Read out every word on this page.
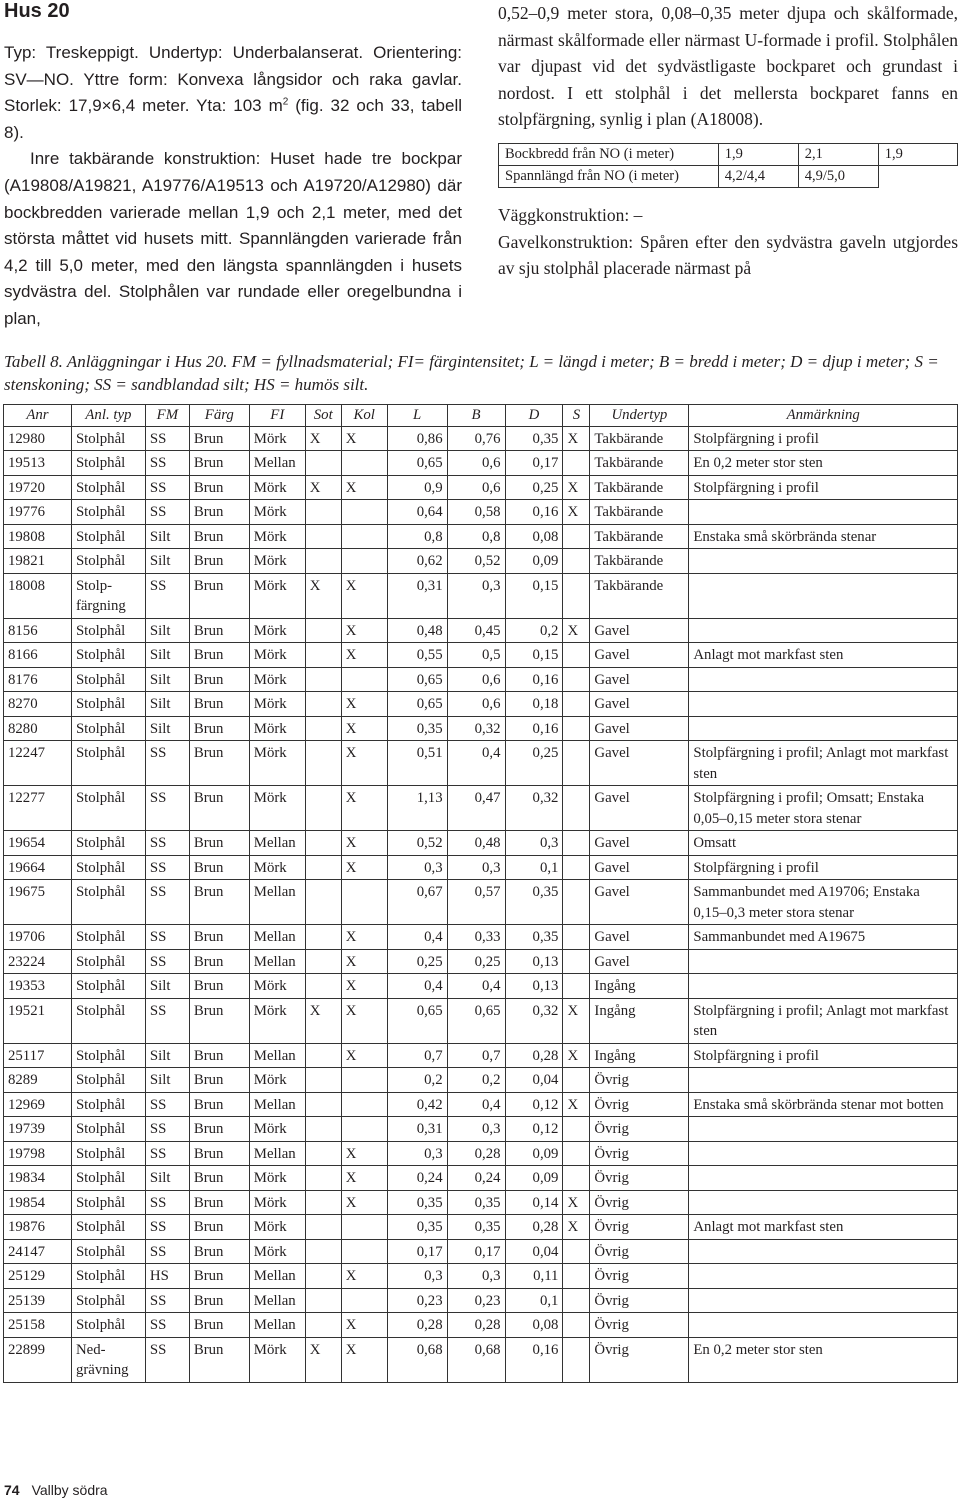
Hus 20

Typ: Treskeppigt. Undertyp: Underbalanserat. Orientering: SV—NO. Yttre form: Konvexa långsidor och raka gavlar. Storlek: 17,9×6,4 meter. Yta: 103 $m^2$ (fig. 32 och 33, tabell 8).

Inre takbärande konstruktion: Huset hade tre bockpar (A19808/A19821, A19776/A19513 och A19720/A12980) där bockbredden varierade mellan 1,9 och 2,1 meter, med det största måttet vid husets mitt. Spannlängden varierade från 4,2 till 5,0 meter, med den längsta spannlängden i husets sydvästra del. Stolphålen var rundade eller oregelbundna i plan,

0,52–0,9 meter stora, 0,08–0,35 meter djupa och skålformade, närmast skålformade eller närmast U-formade i profil. Stolphålen var djupast vid det sydvästligaste bockparet och grundast i nordost. I ett stolphål i det mellersta bockparet fanns en stolpfärgning, synlig i plan (A18008).

Bockbredd från NO (i meter)	1,9	2,1	1,9
Spannlängd från NO (i meter)	4,2/4,4	4,9/5,0	

Väggkonstruktion: –

Gavelkonstruktion: Spåren efter den sydvästra gaveln utgjordes av sju stolphål placerade närmast på

Tabell 8. Anläggningar i Hus 20. FM = fyllnadsmaterial; FI= färgintensitet; L = längd i meter; B = bredd i meter; D = djup i meter; S = stenskoning; SS = sandblandad silt; HS = humös silt.

Anr	Anl. typ	FM	Färg	FI	Sot	Kol	L	B	D	S	Undertyp	Anmärkning
12980	Stolphål	SS	Brun	Mörk	X	X	0,86	0,76	0,35	X	Takbärande	Stolpfärgning i profil
19513	Stolphål	SS	Brun	Mellan			0,65	0,6	0,17		Takbärande	En 0,2 meter stor sten
19720	Stolphål	SS	Brun	Mörk	X	X	0,9	0,6	0,25	X	Takbärande	Stolpfärgning i profil
19776	Stolphål	SS	Brun	Mörk			0,64	0,58	0,16	X	Takbärande	
19808	Stolphål	Silt	Brun	Mörk			0,8	0,8	0,08		Takbärande	Enstaka små skörbrända stenar
19821	Stolphål	Silt	Brun	Mörk			0,62	0,52	0,09		Takbärande	
18008	Stolp-färgning	SS	Brun	Mörk	X	X	0,31	0,3	0,15		Takbärande	
8156	Stolphål	Silt	Brun	Mörk		X	0,48	0,45	0,2	X	Gavel	
8166	Stolphål	Silt	Brun	Mörk		X	0,55	0,5	0,15		Gavel	Anlagt mot markfast sten
8176	Stolphål	Silt	Brun	Mörk			0,65	0,6	0,16		Gavel	
8270	Stolphål	Silt	Brun	Mörk		X	0,65	0,6	0,18		Gavel	
8280	Stolphål	Silt	Brun	Mörk		X	0,35	0,32	0,16		Gavel	
12247	Stolphål	SS	Brun	Mörk		X	0,51	0,4	0,25		Gavel	Stolpfärgning i profil; Anlagt mot markfast sten
12277	Stolphål	SS	Brun	Mörk		X	1,13	0,47	0,32		Gavel	Stolpfärgning i profil; Omsatt; Enstaka 0,05–0,15 meter stora stenar
19654	Stolphål	SS	Brun	Mellan		X	0,52	0,48	0,3		Gavel	Omsatt
19664	Stolphål	SS	Brun	Mörk		X	0,3	0,3	0,1		Gavel	Stolpfärgning i profil
19675	Stolphål	SS	Brun	Mellan			0,67	0,57	0,35		Gavel	Sammanbundet med A19706; Enstaka 0,15–0,3 meter stora stenar
19706	Stolphål	SS	Brun	Mellan		X	0,4	0,33	0,35		Gavel	Sammanbundet med A19675
23224	Stolphål	SS	Brun	Mellan		X	0,25	0,25	0,13		Gavel	
19353	Stolphål	Silt	Brun	Mörk		X	0,4	0,4	0,13		Ingång	
19521	Stolphål	SS	Brun	Mörk	X	X	0,65	0,65	0,32	X	Ingång	Stolpfärgning i profil; Anlagt mot markfast sten
25117	Stolphål	Silt	Brun	Mellan		X	0,7	0,7	0,28	X	Ingång	Stolpfärgning i profil
8289	Stolphål	Silt	Brun	Mörk			0,2	0,2	0,04		Övrig	
12969	Stolphål	SS	Brun	Mellan			0,42	0,4	0,12	X	Övrig	Enstaka små skörbrända stenar mot botten
19739	Stolphål	SS	Brun	Mörk			0,31	0,3	0,12		Övrig	
19798	Stolphål	SS	Brun	Mellan		X	0,3	0,28	0,09		Övrig	
19834	Stolphål	Silt	Brun	Mörk		X	0,24	0,24	0,09		Övrig	
19854	Stolphål	SS	Brun	Mörk		X	0,35	0,35	0,14	X	Övrig	
19876	Stolphål	SS	Brun	Mörk			0,35	0,35	0,28	X	Övrig	Anlagt mot markfast sten
24147	Stolphål	SS	Brun	Mörk			0,17	0,17	0,04		Övrig	
25129	Stolphål	HS	Brun	Mellan		X	0,3	0,3	0,11		Övrig	
25139	Stolphål	SS	Brun	Mellan			0,23	0,23	0,1		Övrig	
25158	Stolphål	SS	Brun	Mellan		X	0,28	0,28	0,08		Övrig	
22899	Ned-grävning	SS	Brun	Mörk	X	X	0,68	0,68	0,16		Övrig	En 0,2 meter stor sten
74 Vallby södra
